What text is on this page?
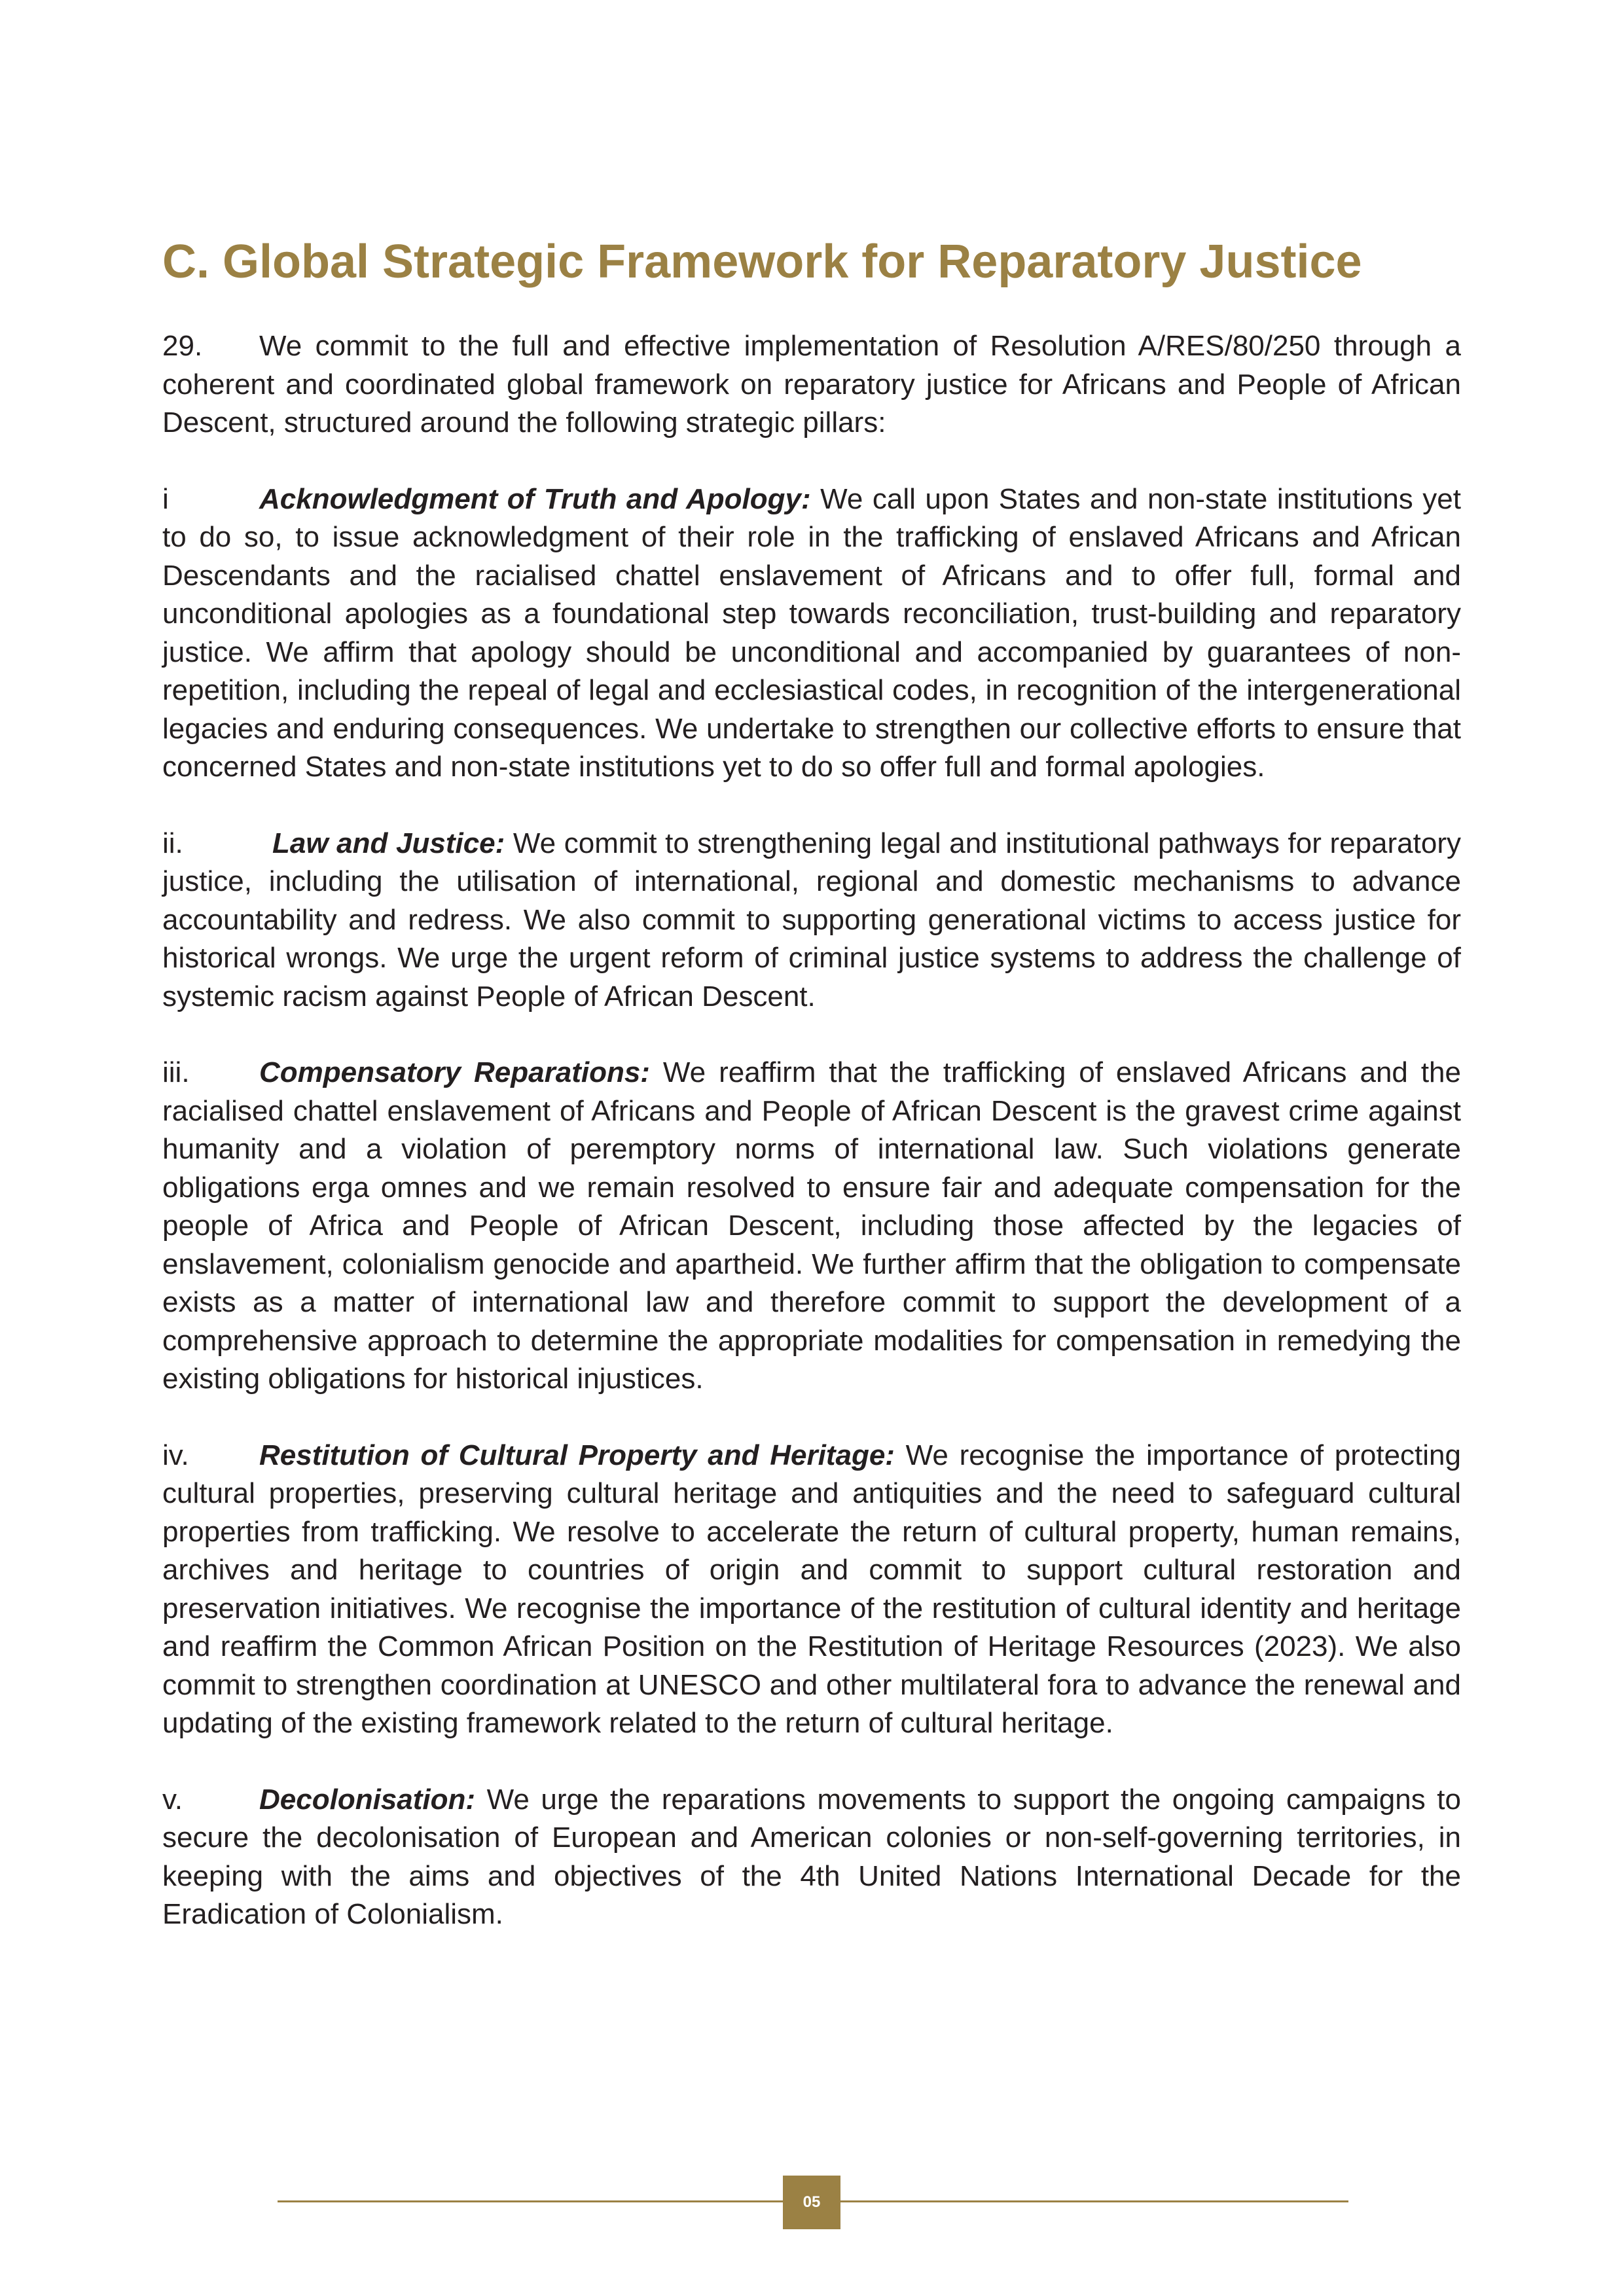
C. Global Strategic Framework for Reparatory Justice

29. We commit to the full and effective implementation of Resolution A/RES/80/250 through a coherent and coordinated global framework on reparatory justice for Africans and People of African Descent, structured around the following strategic pillars:

i	Acknowledgment of Truth and Apology: We call upon States and non-state institutions yet to do so, to issue acknowledgment of their role in the trafficking of enslaved Africans and African Descendants and the racialised chattel enslavement of Africans and to offer full, formal and unconditional apologies as a foundational step towards reconciliation, trust-building and reparatory justice. We affirm that apology should be unconditional and accompanied by guarantees of non-repetition, including the repeal of legal and ecclesiastical codes, in recognition of the intergenerational legacies and enduring consequences. We undertake to strengthen our collective efforts to ensure that concerned States and non-state institutions yet to do so offer full and formal apologies.

ii.	Law and Justice: We commit to strengthening legal and institutional pathways for reparatory justice, including the utilisation of international, regional and domestic mechanisms to advance accountability and redress. We also commit to supporting generational victims to access justice for historical wrongs. We urge the urgent reform of criminal justice systems to address the challenge of systemic racism against People of African Descent.

iii. Compensatory Reparations: We reaffirm that the trafficking of enslaved Africans and the racialised chattel enslavement of Africans and People of African Descent is the gravest crime against humanity and a violation of peremptory norms of international law. Such violations generate obligations erga omnes and we remain resolved to ensure fair and adequate compensation for the people of Africa and People of African Descent, including those affected by the legacies of enslavement, colonialism genocide and apartheid. We further affirm that the obligation to compensate exists as a matter of international law and therefore commit to support the development of a comprehensive approach to determine the appropriate modalities for compensation in remedying the existing obligations for historical injustices.

iv. Restitution of Cultural Property and Heritage: We recognise the importance of protecting cultural properties, preserving cultural heritage and antiquities and the need to safeguard cultural properties from trafficking. We resolve to accelerate the return of cultural property, human remains, archives and heritage to countries of origin and commit to support cultural restoration and preservation initiatives. We recognise the importance of the restitution of cultural identity and heritage and reaffirm the Common African Position on the Restitution of Heritage Resources (2023). We also commit to strengthen coordination at UNESCO and other multilateral fora to advance the renewal and updating of the existing framework related to the return of cultural heritage.

v.	Decolonisation: We urge the reparations movements to support the ongoing campaigns to secure the decolonisation of European and American colonies or non-self-governing territories, in keeping with the aims and objectives of the 4th United Nations International Decade for the Eradication of Colonialism.

05
